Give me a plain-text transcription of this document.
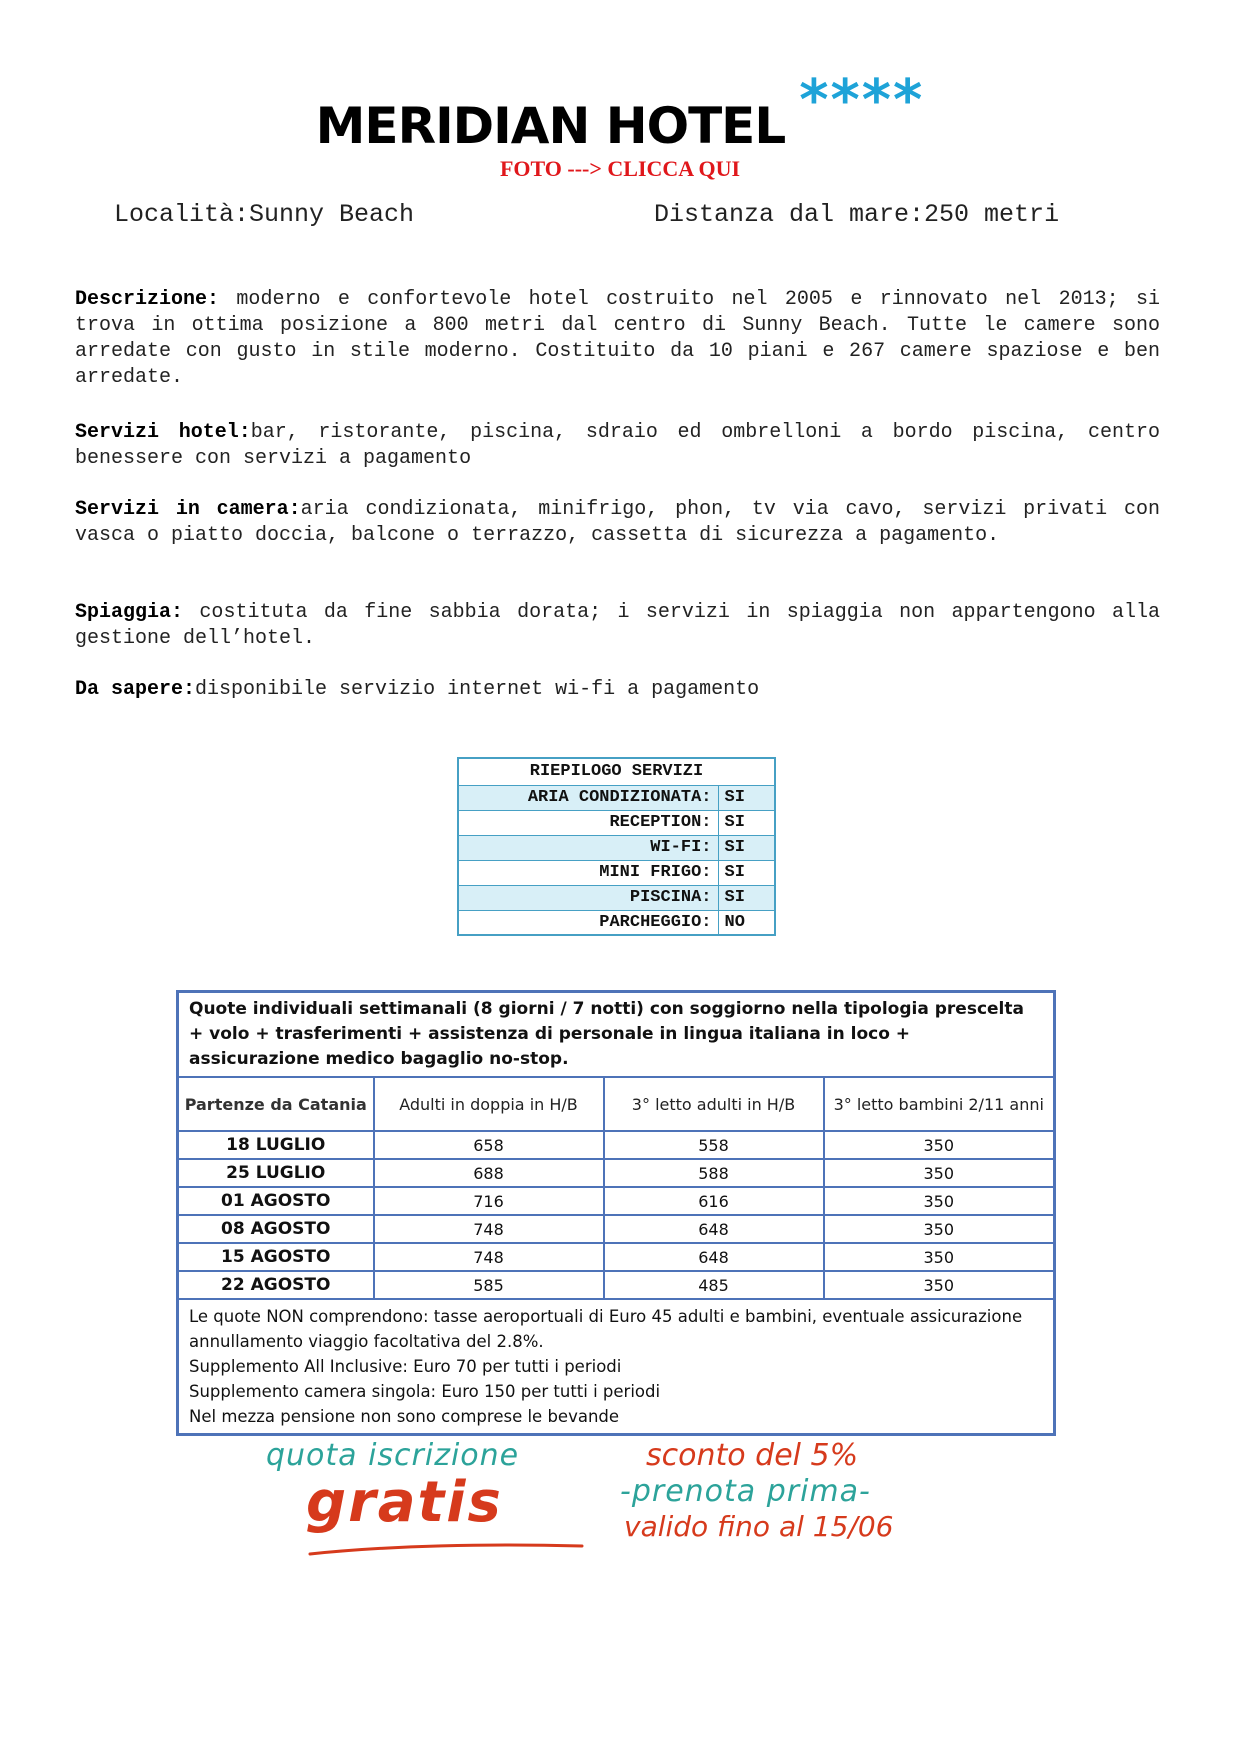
MERIDIAN HOTEL ****
FOTO ---> CLICCA QUI
Località:Sunny Beach	Distanza dal mare:250 metri
Descrizione: moderno e confortevole hotel costruito nel 2005 e rinnovato nel 2013; si trova in ottima posizione a 800 metri dal centro di Sunny Beach. Tutte le camere sono arredate con gusto in stile moderno. Costituito da 10 piani e 267 camere spaziose e ben arredate.
Servizi hotel:bar, ristorante, piscina, sdraio ed ombrelloni a bordo piscina, centro benessere con servizi a pagamento
Servizi in camera:aria condizionata, minifrigo, phon, tv via cavo, servizi privati con vasca o piatto doccia, balcone o terrazzo, cassetta di sicurezza a pagamento.
Spiaggia: costituta da fine sabbia dorata; i servizi in spiaggia non appartengono alla gestione dell’hotel.
Da sapere:disponibile servizio internet wi-fi a pagamento
RIEPILOGO SERVIZI	
ARIA CONDIZIONATA:	SI
RECEPTION:	SI
WI-FI:	SI
MINI FRIGO:	SI
PISCINA:	SI
PARCHEGGIO:	NO
Quote individuali settimanali (8 giorni / 7 notti) con soggiorno nella tipologia prescelta + volo + trasferimenti + assistenza di personale in lingua italiana in loco + assicurazione medico bagaglio no-stop.			
Partenze da Catania	Adulti in doppia in H/B	3° letto adulti in H/B	3° letto bambini 2/11 anni
18 LUGLIO	658	558	350
25 LUGLIO	688	588	350
01 AGOSTO	716	616	350
08 AGOSTO	748	648	350
15 AGOSTO	748	648	350
22 AGOSTO	585	485	350

Le quote NON comprendono: tasse aeroportuali di Euro 45 adulti e bambini, eventuale assicurazione annullamento viaggio facoltativa del 2.8%.
Supplemento All Inclusive: Euro 70 per tutti i periodi
Supplemento camera singola: Euro 150 per tutti i periodi
Nel mezza pensione non sono comprese le bevande			
quota iscrizione
gratis
sconto del 5%
-prenota prima-
valido fino al 15/06
